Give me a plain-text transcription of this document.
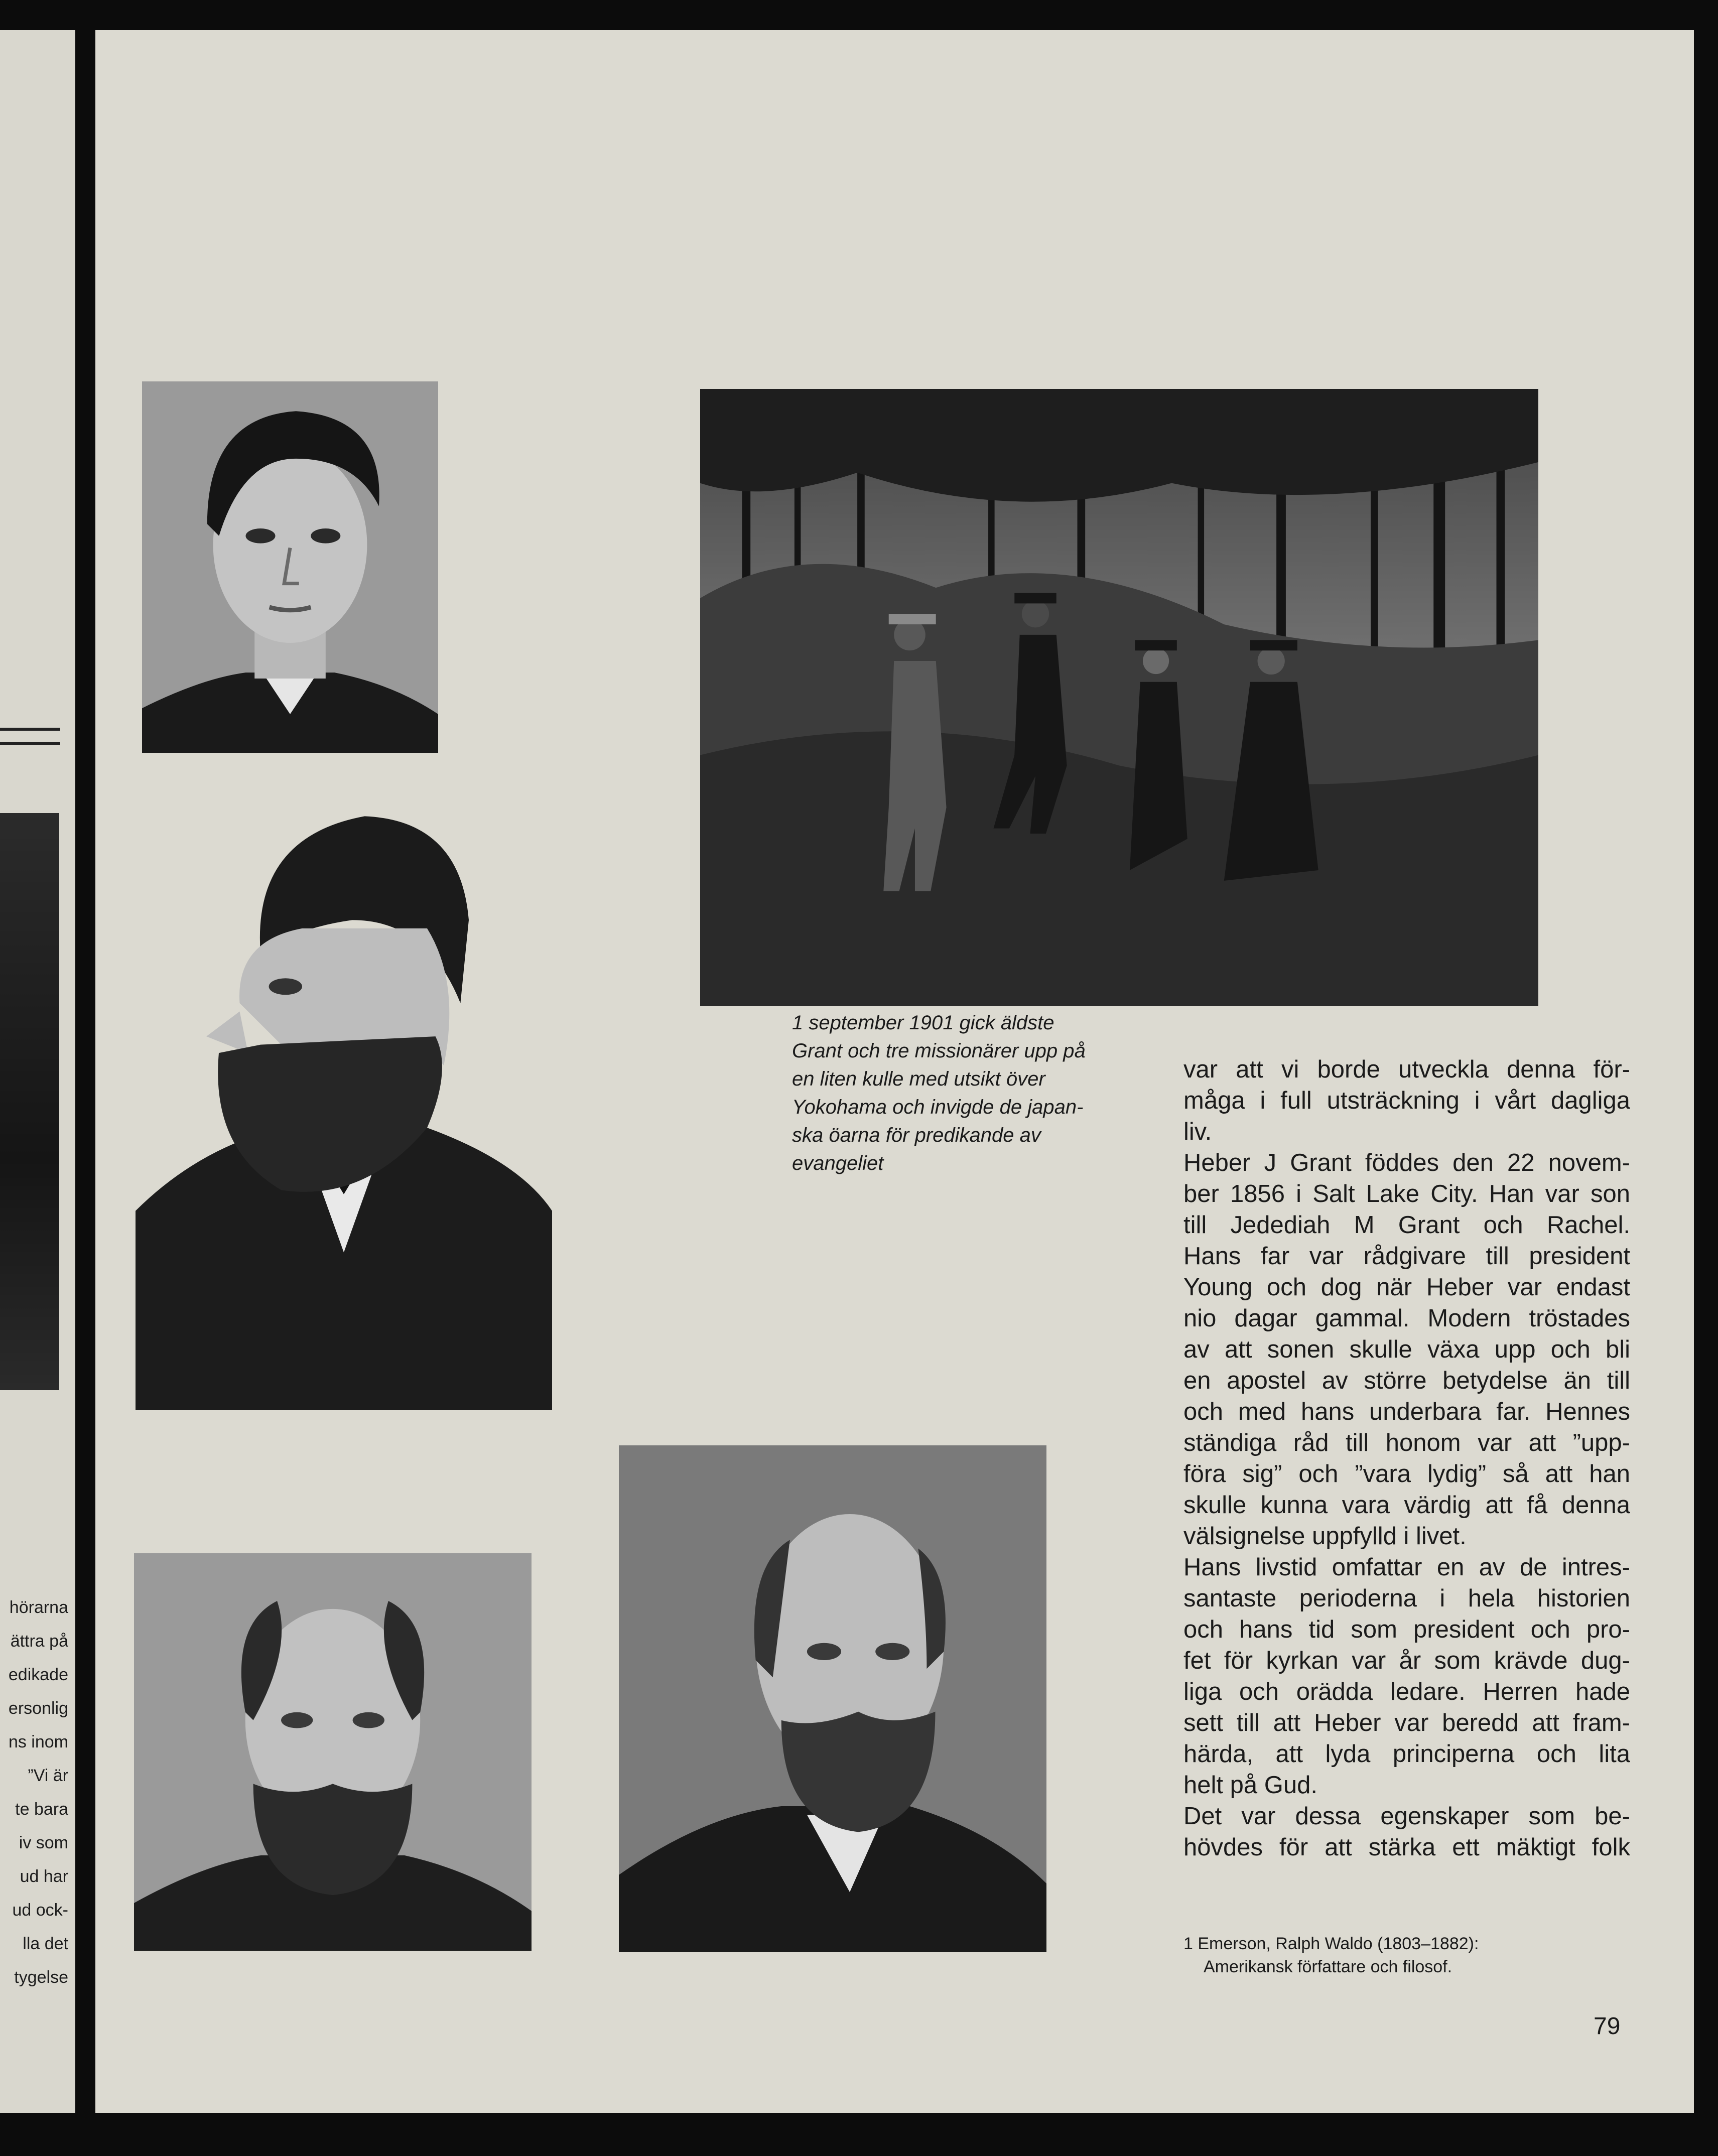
hörarna
ättra på
edikade
ersonlig
ns inom
”Vi är
te bara
iv som
ud har
ud ock-
lla det
tygelse
1 september 1901 gick äldste
Grant och tre missionärer upp på
en liten kulle med utsikt över
Yokohama och invigde de japan-
ska öarna för predikande av
evangeliet
var att vi borde utveckla denna för-
måga i full utsträckning i vårt dagliga
liv.
Heber J Grant föddes den 22 novem-
ber 1856 i Salt Lake City. Han var son
till Jedediah M Grant och Rachel.
Hans far var rådgivare till president
Young och dog när Heber var endast
nio dagar gammal. Modern tröstades
av att sonen skulle växa upp och bli
en apostel av större betydelse än till
och med hans underbara far. Hennes
ständiga råd till honom var att ”upp-
föra sig” och ”vara lydig” så att han
skulle kunna vara värdig att få denna
välsignelse uppfylld i livet.
Hans livstid omfattar en av de intres-
santaste perioderna i hela historien
och hans tid som president och pro-
fet för kyrkan var år som krävde dug-
liga och orädda ledare. Herren hade
sett till att Heber var beredd att fram-
härda, att lyda principerna och lita
helt på Gud.
Det var dessa egenskaper som be-
hövdes för att stärka ett mäktigt folk
1 Emerson, Ralph Waldo (1803–1882):
Amerikansk författare och filosof.
79
